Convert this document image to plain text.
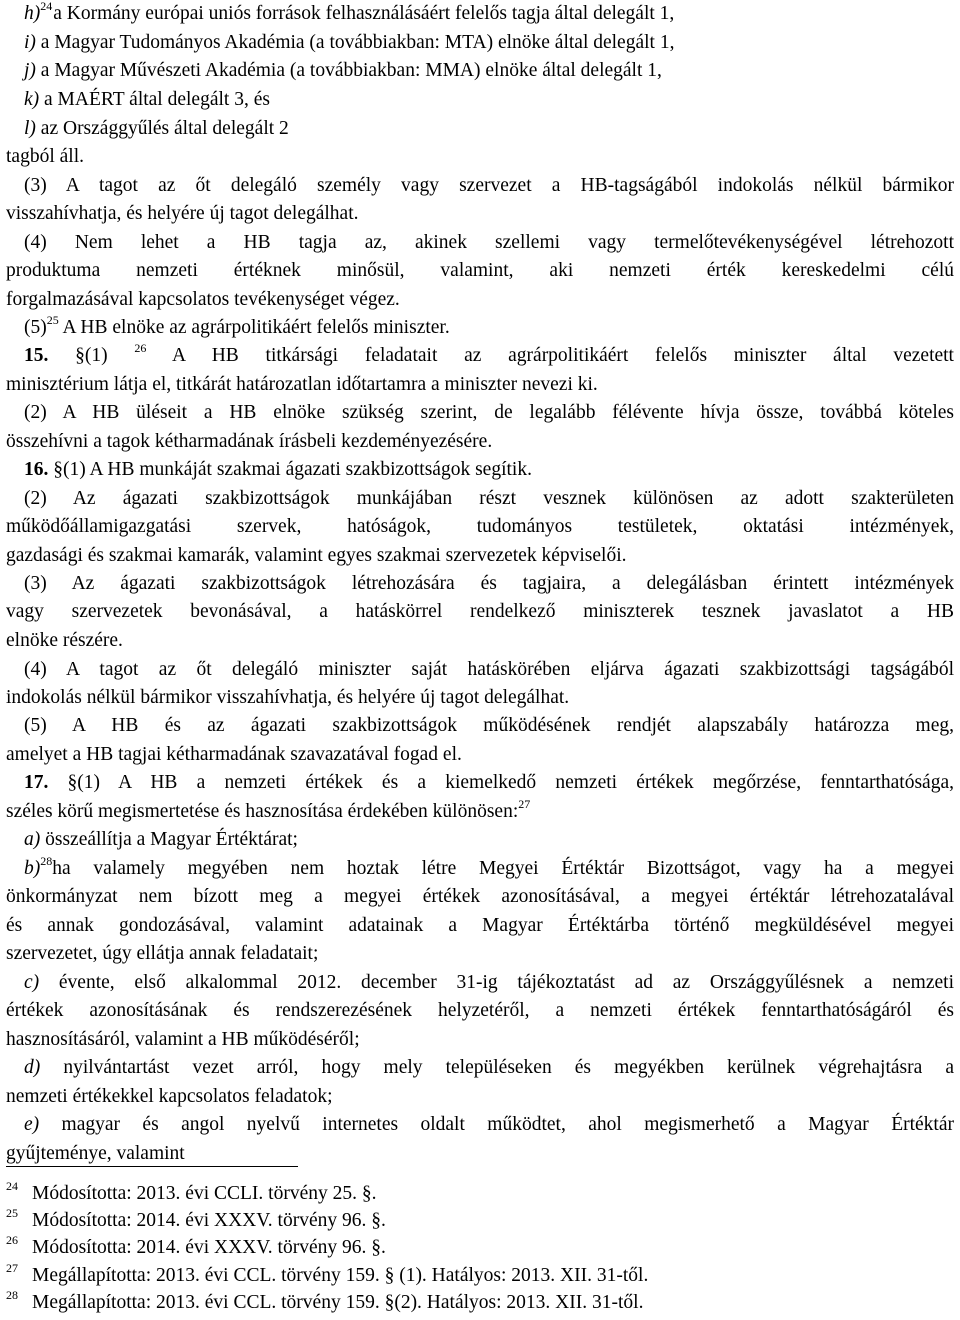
h)$^{24}$a Kormány európai uniós források felhasználásáért felelős tagja által delegált 1,
i) a Magyar Tudományos Akadémia (a továbbiakban: MTA) elnöke által delegált 1,
j) a Magyar Művészeti Akadémia (a továbbiakban: MMA) elnöke által delegált 1,
k) a MAÉRT által delegált 3, és
l) az Országgyűlés által delegált 2
tagból áll.
(3) A tagot az őt delegáló személy vagy szervezet a HB-tagságából indokolás nélkül bármikor
visszahívhatja, és helyére új tagot delegálhat.
(4) Nem lehet a HB tagja az, akinek szellemi vagy termelőtevékenységével létrehozott
produktuma nemzeti értéknek minősül, valamint, aki nemzeti érték kereskedelmi célú
forgalmazásával kapcsolatos tevékenységet végez.
$(5)^{25}$ A HB elnöke az agrárpolitikáért felelős miniszter.
15. §(1) $^{26}$ A HB titkársági feladatait az agrárpolitikáért felelős miniszter által vezetett
minisztérium látja el, titkárát határozatlan időtartamra a miniszter nevezi ki.
(2) A HB üléseit a HB elnöke szükség szerint, de legalább félévente hívja össze, továbbá köteles
összehívni a tagok kétharmadának írásbeli kezdeményezésére.
16. §(1) A HB munkáját szakmai ágazati szakbizottságok segítik.
(2) Az ágazati szakbizottságok munkájában részt vesznek különösen az adott szakterületen
működőállamigazgatási szervek, hatóságok, tudományos testületek, oktatási intézmények,
gazdasági és szakmai kamarák, valamint egyes szakmai szervezetek képviselői.
(3) Az ágazati szakbizottságok létrehozására és tagjaira, a delegálásban érintett intézmények
vagy szervezetek bevonásával, a hatáskörrel rendelkező miniszterek tesznek javaslatot a HB
elnöke részére.
(4) A tagot az őt delegáló miniszter saját hatáskörében eljárva ágazati szakbizottsági tagságából
indokolás nélkül bármikor visszahívhatja, és helyére új tagot delegálhat.
(5) A HB és az ágazati szakbizottságok működésének rendjét alapszabály határozza meg,
amelyet a HB tagjai kétharmadának szavazatával fogad el.
17. §(1) A HB a nemzeti értékek és a kiemelkedő nemzeti értékek megőrzése, fenntarthatósága,
széles körű megismertetése és hasznosítása érdekében különösen:$^{27}$
a) összeállítja a Magyar Értéktárat;
b)$^{28}$ha valamely megyében nem hoztak létre Megyei Értéktár Bizottságot, vagy ha a megyei
önkormányzat nem bízott meg a megyei értékek azonosításával, a megyei értéktár létrehozatalával
és annak gondozásával, valamint adatainak a Magyar Értéktárba történő megküldésével megyei
szervezetet, úgy ellátja annak feladatait;
c) évente, első alkalommal 2012. december 31-ig tájékoztatást ad az Országgyűlésnek a nemzeti
értékek azonosításának és rendszerezésének helyzetéről, a nemzeti értékek fenntarthatóságáról és
hasznosításáról, valamint a HB működéséről;
d) nyilvántartást vezet arról, hogy mely településeken és megyékben kerülnek végrehajtásra a
nemzeti értékekkel kapcsolatos feladatok;
e) magyar és angol nyelvű internetes oldalt működtet, ahol megismerhető a Magyar Értéktár
gyűjteménye, valamint
24 Módosította: 2013. évi CCLI. törvény 25. §.
25 Módosította: 2014. évi XXXV. törvény 96. §.
26 Módosította: 2014. évi XXXV. törvény 96. §.
27 Megállapította: 2013. évi CCL. törvény 159. § (1). Hatályos: 2013. XII. 31-től.
28 Megállapította: 2013. évi CCL. törvény 159. §(2). Hatályos: 2013. XII. 31-től.
